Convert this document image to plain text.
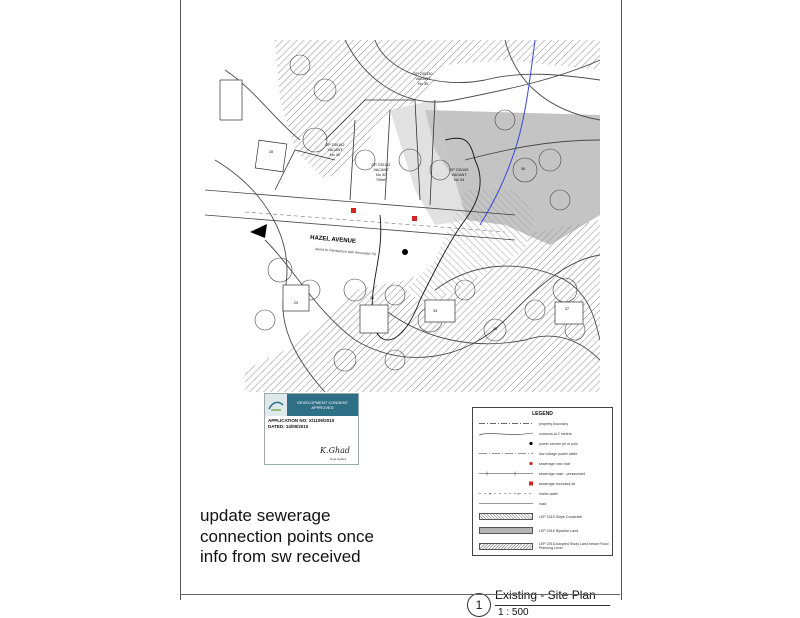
HAZEL AVENUE
Akora to intersection with Alexander Rd
DP 230330
VACANT
No 39
DP 230162
VACANT
No 30
DP 230162
VACANT
No 32
790m²
DP 230165
VACANT
No 34
28
29
31
33
35
37
36
DEVELOPMENT CONSENT APPROVED
APPLICATION NO: X/1109/2010
DATED: 14/09/2010
K.Ghad
Noel Gaffed
LEGEND
property boundary
contours at 2 meters
power service pit or pole
low voltage power cable
sewerage man hole
sewerage main - pressurised
sewerage boundary kit
w	w	mains water
road
LEP 2015 Slope Constraint
LEP 2015 Riparian Land
LEP 2015 Adopted Study Land below Flood Planning Level
update sewerage
connection points once
info from sw received
1
Existing - Site Plan
1 : 500
